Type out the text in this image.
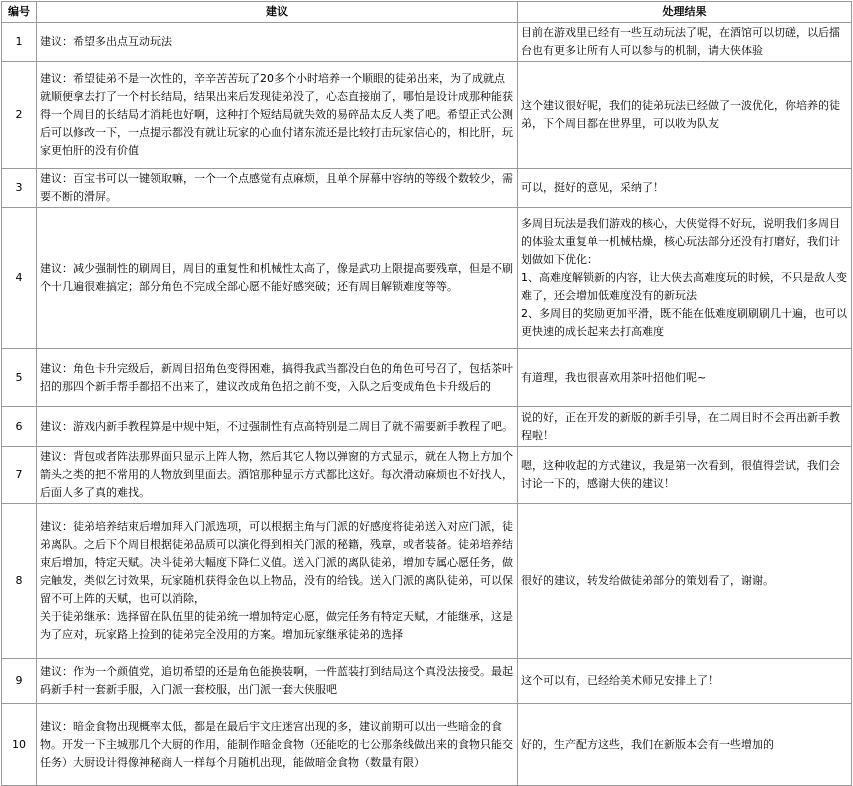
编号	建议	处理结果
1	建议：希望多出点互动玩法	目前在游戏里已经有一些互动玩法了呢，在酒馆可以切磋，以后擂台也有更多让所有人可以参与的机制，请大侠体验
2	建议：希望徒弟不是一次性的，辛辛苦苦玩了20多个小时培养一个顺眼的徒弟出来，为了成就点就顺便拿去打了一个村长结局，结果出来后发现徒弟没了，心态直接崩了，哪怕是设计成那种能获得一个周目的长结局才消耗也好啊，这种打个短结局就失效的易碎品太反人类了吧。希望正式公测后可以修改一下，一点提示都没有就让玩家的心血付诸东流还是比较打击玩家信心的，相比肝，玩家更怕肝的没有价值	这个建议很好呢，我们的徒弟玩法已经做了一波优化，你培养的徒弟，下个周目都在世界里，可以收为队友
3	建议：百宝书可以一键领取嘛，一个一个点感觉有点麻烦，且单个屏幕中容纳的等级个数较少，需要不断的滑屏。	可以，挺好的意见，采纳了！
4	建议：减少强制性的刷周目，周目的重复性和机械性太高了，像是武功上限提高要残章，但是不刷个十几遍很难搞定；部分角色不完成全部心愿不能好感突破；还有周目解锁难度等等。	多周目玩法是我们游戏的核心，大侠觉得不好玩，说明我们多周目的体验太重复单一机械枯燥，核心玩法部分还没有打磨好，我们计划做如下优化：
1、高难度解锁新的内容，让大侠去高难度玩的时候，不只是敌人变难了，还会增加低难度没有的新玩法
2、多周目的奖励更加平滑，既不能在低难度刷刷刷几十遍，也可以更快速的成长起来去打高难度
5	建议：角色卡升完级后，新周目招角色变得困难，搞得我武当都没白色的角色可号召了，包括茶叶招的那四个新手帮手都招不出来了，建议改成角色招之前不变，入队之后变成角色卡升级后的	有道理，我也很喜欢用茶叶招他们呢~
6	建议：游戏内新手教程算是中规中矩，不过强制性有点高特别是二周目了就不需要新手教程了吧。	说的好，正在开发的新版的新手引导，在二周目时不会再出新手教程啦！
7	建议：背包或者阵法那界面只显示上阵人物，然后其它人物以弹窗的方式显示，就在人物上方加个箭头之类的把不常用的人物放到里面去。酒馆那种显示方式都比这好。每次滑动麻烦也不好找人，后面人多了真的难找。	嗯，这种收起的方式建议，我是第一次看到，很值得尝试，我们会讨论一下的，感谢大侠的建议！
8	建议：徒弟培养结束后增加拜入门派选项，可以根据主角与门派的好感度将徒弟送入对应门派，徒弟离队。之后下个周目根据徒弟品质可以演化得到相关门派的秘籍，残章，或者装备。徒弟培养结束后增加，特定天赋。决斗徒弟大幅度下降仁义值。送入门派的离队徒弟，增加专属心愿任务，做完触发，类似乞讨效果，玩家随机获得金色以上物品，没有的给钱。送入门派的离队徒弟，可以保留不可上阵的天赋，也可以消除，
关于徒弟继承：选择留在队伍里的徒弟统一增加特定心愿，做完任务有特定天赋，才能继承，这是为了应对，玩家路上捡到的徒弟完全没用的方案。增加玩家继承徒弟的选择	很好的建议，转发给做徒弟部分的策划看了，谢谢。
9	建议：作为一个颜值党，追切希望的还是角色能换装啊，一件蓝装打到结局这个真没法接受。最起码新手村一套新手服，入门派一套校服，出门派一套大侠服吧	这个可以有，已经给美术师兄安排上了！
10	建议：暗金食物出现概率太低，都是在最后宇文庄迷宫出现的多，建议前期可以出一些暗金的食物。开发一下主城那几个大厨的作用，能制作暗金食物（还能吃的七公那条线做出来的食物只能交任务）大厨设计得像神秘商人一样每个月随机出现，能做暗金食物（数量有限）	好的，生产配方这些，我们在新版本会有一些增加的
